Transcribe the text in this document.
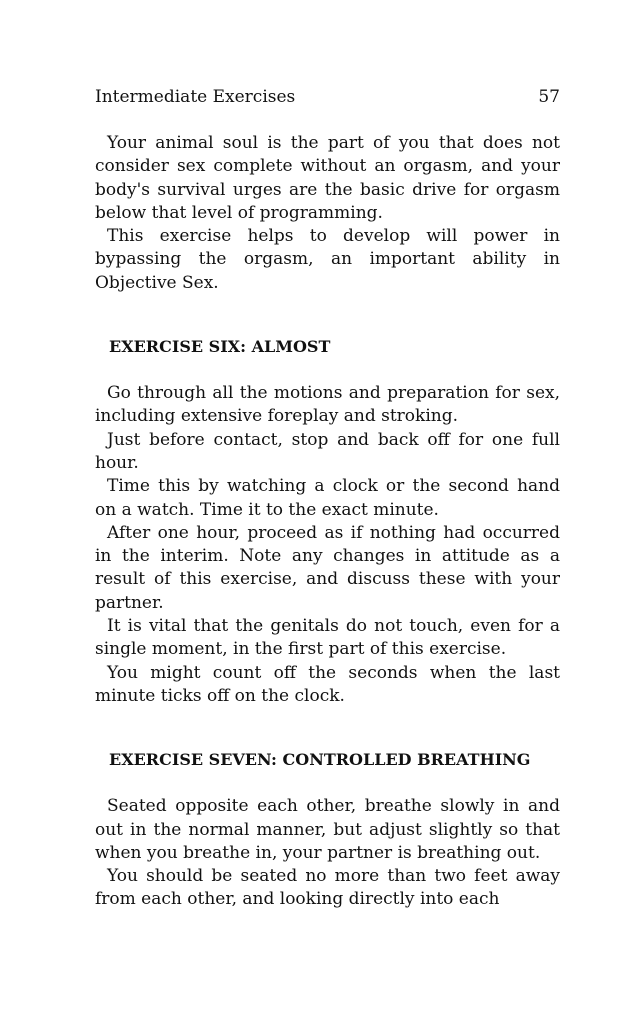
Intermediate Exercises	57

Your animal soul is the part of you that does not consider sex complete without an orgasm, and your body's survival urges are the basic drive for orgasm below that level of programming.

This exercise helps to develop will power in bypassing the orgasm, an important ability in Objective Sex.

EXERCISE SIX: ALMOST

Go through all the motions and preparation for sex, including extensive foreplay and stroking.

Just before contact, stop and back off for one full hour.

Time this by watching a clock or the second hand on a watch. Time it to the exact minute.

After one hour, proceed as if nothing had occurred in the interim. Note any changes in attitude as a result of this exercise, and discuss these with your partner.

It is vital that the genitals do not touch, even for a single moment, in the first part of this exercise.

You might count off the seconds when the last minute ticks off on the clock.

EXERCISE SEVEN: CONTROLLED BREATHING

Seated opposite each other, breathe slowly in and out in the normal manner, but adjust slightly so that when you breathe in, your partner is breathing out.

You should be seated no more than two feet away from each other, and looking directly into each
